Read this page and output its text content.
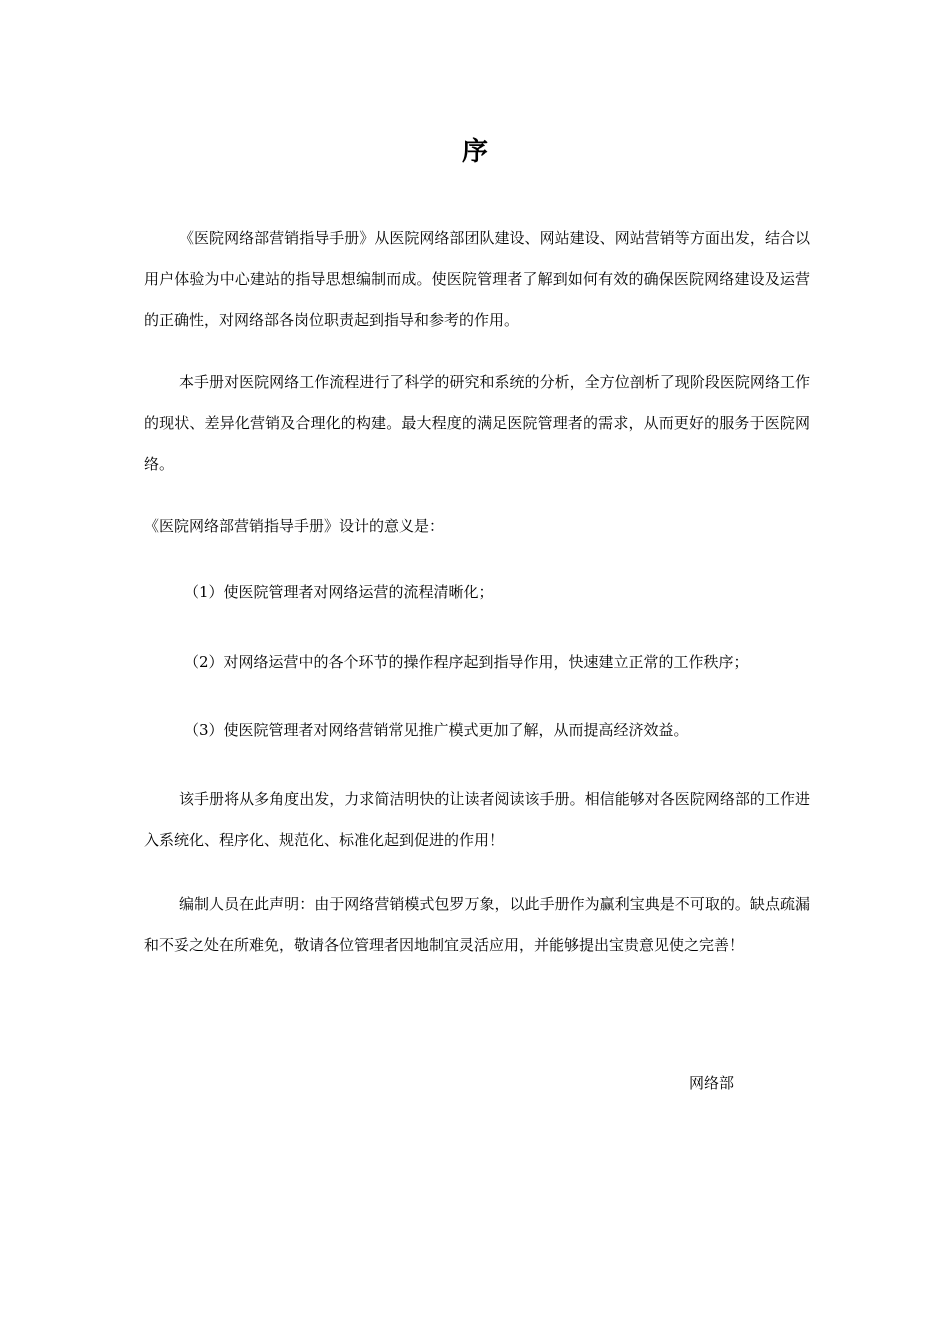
序

《医院网络部营销指导手册》从医院网络部团队建设、网站建设、网站营销等方面出发，结合以用户体验为中心建站的指导思想编制而成。使医院管理者了解到如何有效的确保医院网络建设及运营的正确性，对网络部各岗位职责起到指导和参考的作用。

本手册对医院网络工作流程进行了科学的研究和系统的分析，全方位剖析了现阶段医院网络工作的现状、差异化营销及合理化的构建。最大程度的满足医院管理者的需求，从而更好的服务于医院网络。

《医院网络部营销指导手册》设计的意义是：

（1）使医院管理者对网络运营的流程清晰化；

（2）对网络运营中的各个环节的操作程序起到指导作用，快速建立正常的工作秩序；

（3）使医院管理者对网络营销常见推广模式更加了解，从而提高经济效益。

该手册将从多角度出发，力求简洁明快的让读者阅读该手册。相信能够对各医院网络部的工作进入系统化、程序化、规范化、标准化起到促进的作用！

编制人员在此声明：由于网络营销模式包罗万象，以此手册作为赢利宝典是不可取的。缺点疏漏和不妥之处在所难免，敬请各位管理者因地制宜灵活应用，并能够提出宝贵意见使之完善！

网络部
